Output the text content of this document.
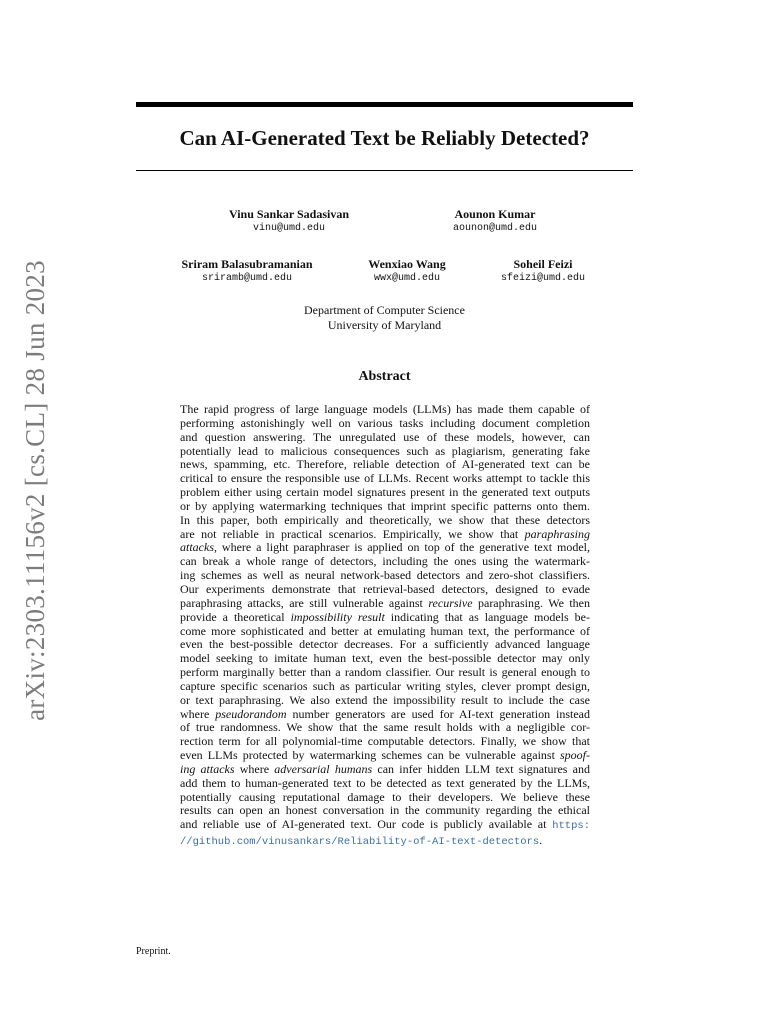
arXiv:2303.11156v2 [cs.CL] 28 Jun 2023
Can AI-Generated Text be Reliably Detected?
Vinu Sankar Sadasivan
vinu@umd.edu
Aounon Kumar
aounon@umd.edu
Sriram Balasubramanian
sriramb@umd.edu
Wenxiao Wang
wwx@umd.edu
Soheil Feizi
sfeizi@umd.edu
Department of Computer Science
University of Maryland
Abstract
The rapid progress of large language models (LLMs) has made them capable of
performing astonishingly well on various tasks including document completion
and question answering. The unregulated use of these models, however, can
potentially lead to malicious consequences such as plagiarism, generating fake
news, spamming, etc. Therefore, reliable detection of AI-generated text can be
critical to ensure the responsible use of LLMs. Recent works attempt to tackle this
problem either using certain model signatures present in the generated text outputs
or by applying watermarking techniques that imprint specific patterns onto them.
In this paper, both empirically and theoretically, we show that these detectors
are not reliable in practical scenarios. Empirically, we show that paraphrasing
attacks, where a light paraphraser is applied on top of the generative text model,
can break a whole range of detectors, including the ones using the watermark-
ing schemes as well as neural network-based detectors and zero-shot classifiers.
Our experiments demonstrate that retrieval-based detectors, designed to evade
paraphrasing attacks, are still vulnerable against recursive paraphrasing. We then
provide a theoretical impossibility result indicating that as language models be-
come more sophisticated and better at emulating human text, the performance of
even the best-possible detector decreases. For a sufficiently advanced language
model seeking to imitate human text, even the best-possible detector may only
perform marginally better than a random classifier. Our result is general enough to
capture specific scenarios such as particular writing styles, clever prompt design,
or text paraphrasing. We also extend the impossibility result to include the case
where pseudorandom number generators are used for AI-text generation instead
of true randomness. We show that the same result holds with a negligible cor-
rection term for all polynomial-time computable detectors. Finally, we show that
even LLMs protected by watermarking schemes can be vulnerable against spoof-
ing attacks where adversarial humans can infer hidden LLM text signatures and
add them to human-generated text to be detected as text generated by the LLMs,
potentially causing reputational damage to their developers. We believe these
results can open an honest conversation in the community regarding the ethical
and reliable use of AI-generated text. Our code is publicly available at https:
//github.com/vinusankars/Reliability-of-AI-text-detectors.
Preprint.
